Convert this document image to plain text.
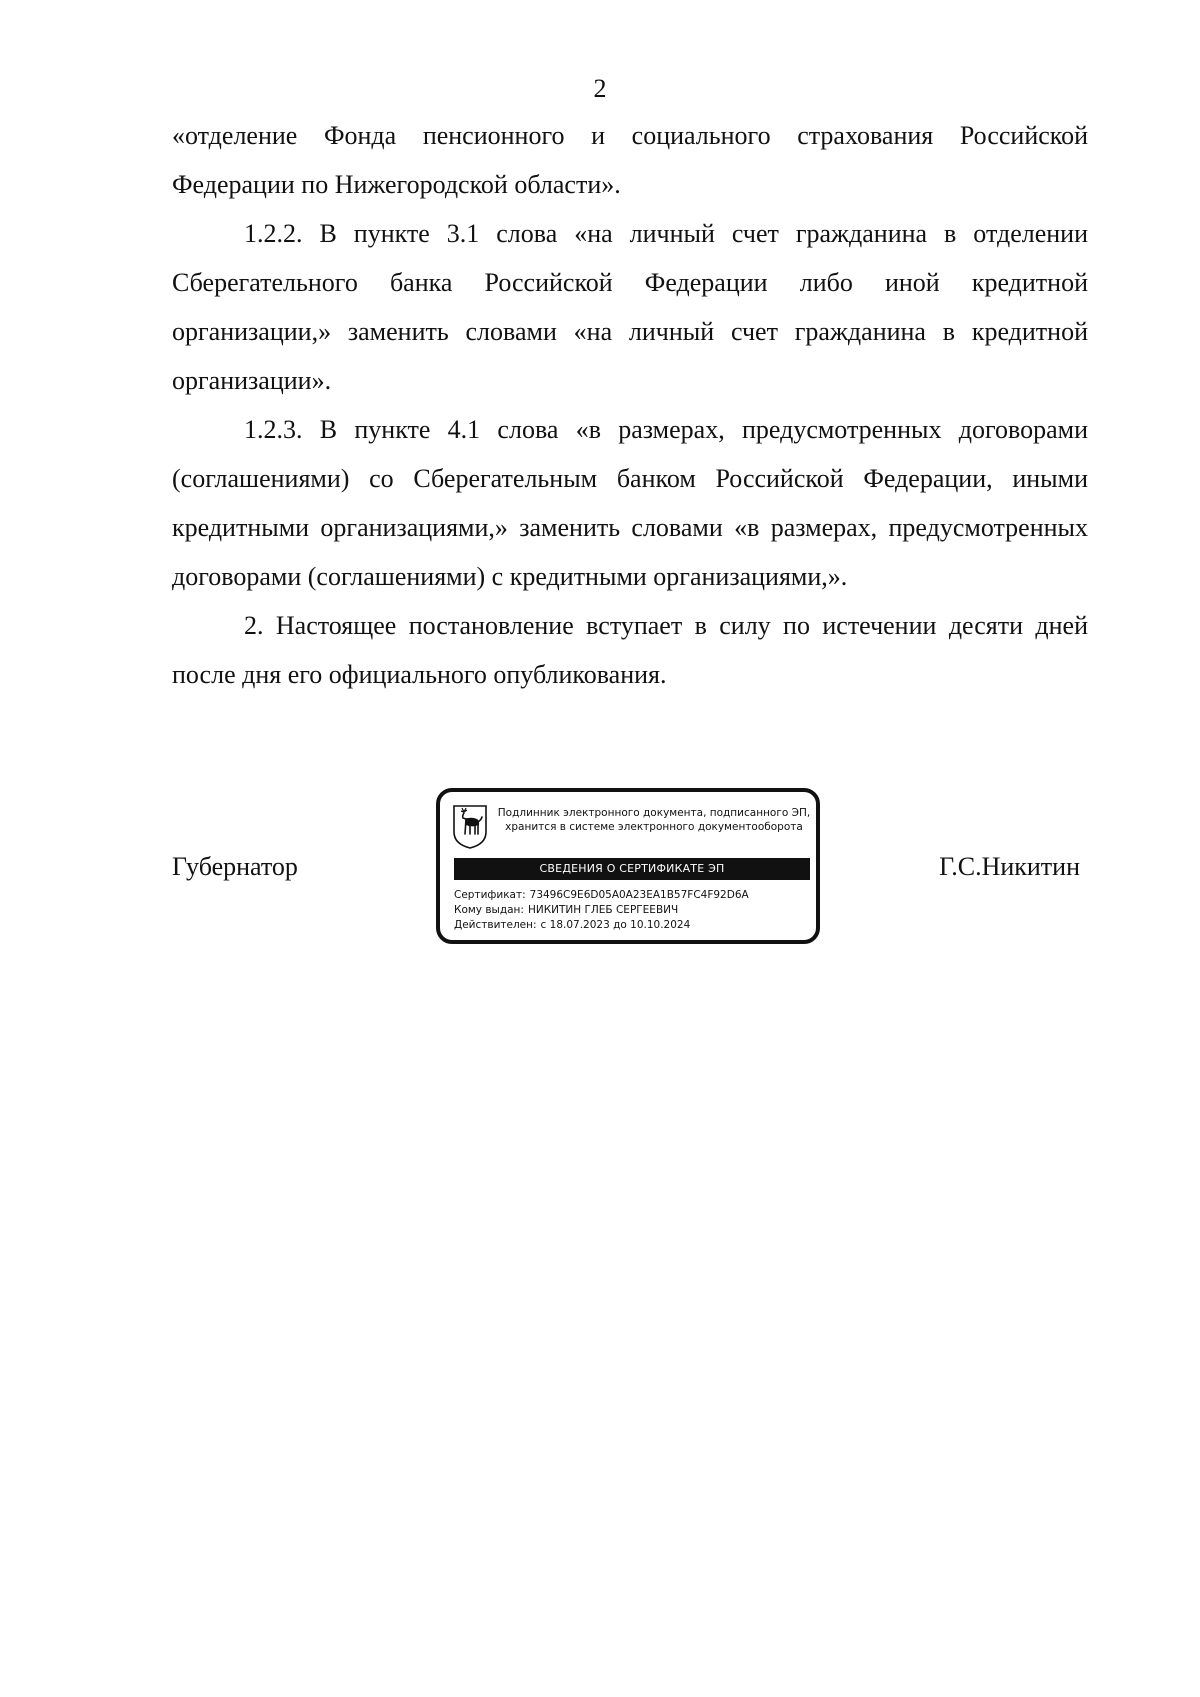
2

«отделение Фонда пенсионного и социального страхования Российской Федерации по Нижегородской области».

1.2.2. В пункте 3.1 слова «на личный счет гражданина в отделении Сберегательного банка Российской Федерации либо иной кредитной организации,» заменить словами «на личный счет гражданина в кредитной организации».

1.2.3. В пункте 4.1 слова «в размерах, предусмотренных договорами (соглашениями) со Сберегательным банком Российской Федерации, иными кредитными организациями,» заменить словами «в размерах, предусмотренных договорами (соглашениями) с кредитными организациями,».

2. Настоящее постановление вступает в силу по истечении десяти дней после дня его официального опубликования.

Губернатор	Г.С.Никитин
Подлинник электронного документа, подписанного ЭП,
хранится в системе электронного документооборота
СВЕДЕНИЯ О СЕРТИФИКАТЕ ЭП
Сертификат: 73496C9E6D05A0A23EA1B57FC4F92D6A
Кому выдан: НИКИТИН ГЛЕБ СЕРГЕЕВИЧ
Действителен: с 18.07.2023 до 10.10.2024
